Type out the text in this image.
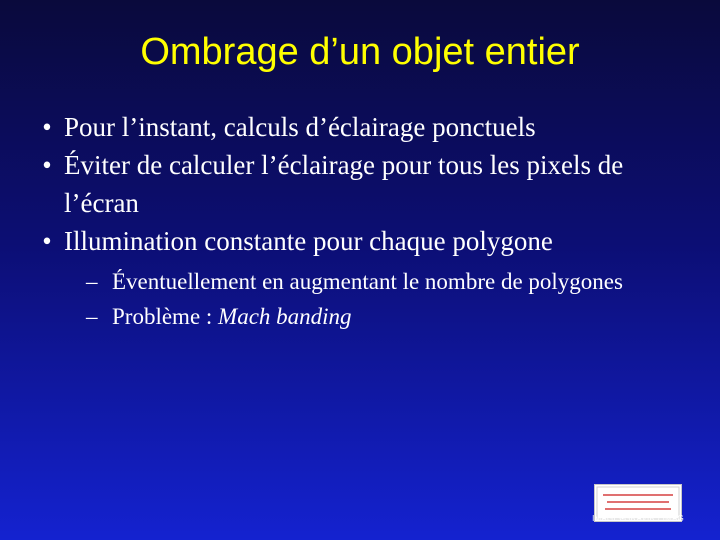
Ombrage d’un objet entier
• Pour l’instant, calculs d’éclairage ponctuels
• Éviter de calculer l’éclairage pour tous les pixels de l’écran
• Illumination constante pour chaque polygone
– Éventuellement en augmentant le nombre de polygones
– Problème : Mach banding
IMAGIS-GRAVIR / IMAG
